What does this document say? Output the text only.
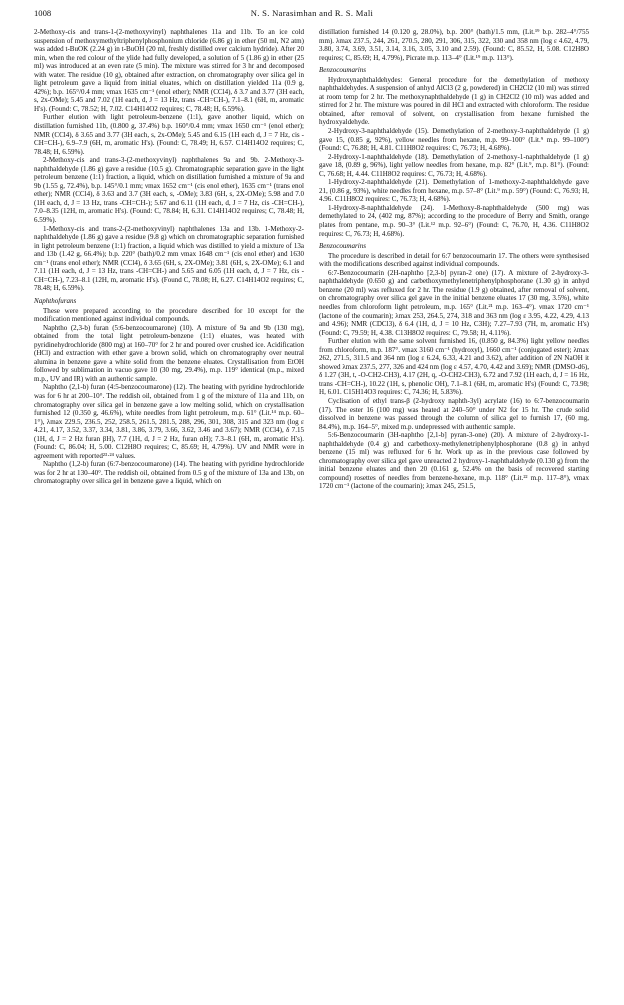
1008	N. S. Narasimhan and R. S. Mali

2-Methoxy-cis and trans-1-(2-methoxyvinyl) naphthalenes 11a and 11b. To an ice cold suspension of methoxymethyltriphenylphosphonium chloride (6.86 g) in ether (50 ml, N2 atm) was added t-BuOK (2.24 g) in t-BuOH (20 ml, freshly distilled over calcium hydride). After 20 min, when the red colour of the ylide had fully developed, a solution of 5 (1.86 g) in ether (25 ml) was introduced at an even rate (5 min). The mixture was stirred for 3 hr and decomposed with water. The residue (10 g), obtained after extraction, on chromatography over silica gel in light petroleum gave a liquid from initial eluates, which on distillation yielded 11a (0.9 g, 42%); b.p. 165°/0.4 mm; νmax 1635 cm⁻¹ (enol ether); NMR (CCl4), δ 3.7 and 3.77 (3H each, s, 2x-OMe); 5.45 and 7.02 (1H each, d, J = 13 Hz, trans -CH=CH-), 7.1–8.1 (6H, m, aromatic H's). (Found: C, 78.52; H, 7.02. C14H14O2 requires; C, 78.48; H, 6.59%).

Further elution with light petroleum-benzene (1:1), gave another liquid, which on distillation furnished 11b, (0.800 g, 37.4%) b.p. 160°/0.4 mm; νmax 1650 cm⁻¹ (enol ether); NMR (CCl4), δ 3.65 and 3.77 (3H each, s, 2x-OMe); 5.45 and 6.15 (1H each d, J = 7 Hz, cis -CH=CH-), 6.9–7.9 (6H, m, aromatic H's). (Found: C, 78.49; H, 6.57. C14H14O2 requires; C, 78.48; H, 6.59%).

2-Methoxy-cis and trans-3-(2-methoxyvinyl) naphthalenes 9a and 9b. 2-Methoxy-3-naphthaldehyde (1.86 g) gave a residue (10.5 g). Chromatographic separation gave in the light petroleum benzene (1:1) fraction, a liquid, which on distillation furnished a mixture of 9a and 9b (1.55 g, 72.4%), b.p. 145°/0.1 mm; νmax 1652 cm⁻¹ (cis enol ether), 1635 cm⁻¹ (trans enol ether); NMR (CCl4), δ 3.63 and 3.7 (3H each, s, -OMe); 3.83 (6H, s, 2X-OMe); 5.98 and 7.0 (1H each, d, J = 13 Hz, trans -CH=CH-); 5.67 and 6.11 (1H each, d, J = 7 Hz, cis -CH=CH-), 7.0–8.35 (12H, m, aromatic H's). (Found: C, 78.84; H, 6.31. C14H14O2 requires; C, 78.48; H, 6.59%).

1-Methoxy-cis and trans-2-(2-methoxyvinyl) naphthalenes 13a and 13b. 1-Methoxy-2-naphthaldehyde (1.86 g) gave a residue (9.8 g) which on chromatographic separation furnished in light petroleum benzene (1:1) fraction, a liquid which was distilled to yield a mixture of 13a and 13b (1.42 g, 66.4%); b.p. 220° (bath)/0.2 mm νmax 1648 cm⁻¹ (cis enol ether) and 1630 cm⁻¹ (trans enol ether); NMR (CCl4), δ 3.65 (6H, s, 2X-OMe); 3.81 (6H, s, 2X-OMe); 6.1 and 7.11 (1H each, d, J = 13 Hz, trans -CH=CH-) and 5.65 and 6.05 (1H each, d, J = 7 Hz, cis -CH=CH-), 7.23–8.1 (12H, m, aromatic H's). (Found C, 78.08; H, 6.27. C14H14O2 requires; C, 78.48; H, 6.59%).

Naphthofurans

These were prepared according to the procedure described for 10 except for the modification mentioned against individual compounds.

Naphtho (2,3-b) furan (5:6-benzocoumarone) (10). A mixture of 9a and 9b (130 mg), obtained from the total light petroleum-benzene (1:1) eluates, was heated with pyridinehydrochloride (800 mg) at 160–70° for 2 hr and poured over crushed ice. Acidification (HCl) and extraction with ether gave a brown solid, which on chromatography over neutral alumina in benzene gave a white solid from the benzene eluates. Crystallisation from EtOH followed by sublimation in vacuo gave 10 (30 mg, 29.4%), m.p. 119° identical (m.p., mixed m.p., UV and IR) with an authentic sample.

Naphtho (2,1-b) furan (4:5-benzocoumarone) (12). The heating with pyridine hydrochloride was for 6 hr at 200–10°. The reddish oil, obtained from 1 g of the mixture of 11a and 11b, on chromatography over silica gel in benzene gave a low melting solid, which on crystallisation furnished 12 (0.350 g, 46.6%), white needles from light petroleum, m.p. 61° (Lit.¹⁴ m.p. 60–1°), λmax 229.5, 236.5, 252, 258.5, 261.5, 281.5, 288, 296, 301, 308, 315 and 323 nm (log ε 4.21, 4.17, 3.52, 3.37, 3.34, 3.81, 3.86, 3.79, 3.66, 3.62, 3.46 and 3.67); NMR (CCl4), δ 7.15 (1H, d, J = 2 Hz furan βH), 7.7 (1H, d, J = 2 Hz, furan αH); 7.3–8.1 (6H, m, aromatic H's). (Found: C, 86.04; H, 5.00. C12H8O requires; C, 85.69; H, 4.79%). UV and NMR were in agreement with reported²³·²⁴ values.

Naphtho (1,2-b) furan (6:7-benzocoumarone) (14). The heating with pyridine hydrochloride was for 2 hr at 130–40°. The reddish oil, obtained from 0.5 g of the mixture of 13a and 13b, on chromatography over silica gel in benzene gave a liquid, which on

distillation furnished 14 (0.120 g, 28.0%), b.p. 200° (bath)/1.5 mm, (Lit.¹⁹ b.p. 282–4°/755 mm). λmax 237.5, 244, 261, 270.5, 280, 291, 306, 315, 322, 330 and 358 nm (log ε 4.62, 4.79, 3.80, 3.74, 3.69, 3.51, 3.14, 3.16, 3.05, 3.10 and 2.59). (Found: C, 85.52, H, 5.08. C12H8O requires; C, 85.69; H, 4.79%), Picrate m.p. 113–4° (Lit.¹⁹ m.p. 113°).

Benzocoumarins

Hydroxynaphthaldehydes: General procedure for the demethylation of methoxy naphthaldehydes. A suspension of anhyd AlCl3 (2 g, powdered) in CH2Cl2 (10 ml) was stirred at room temp for 2 hr. The methoxynaphthaldehyde (1 g) in CH2Cl2 (10 ml) was added and stirred for 2 hr. The mixture was poured in dil HCl and extracted with chloroform. The residue obtained, after removal of solvent, on crystallisation from hexane furnished the hydroxyaldehyde.

2-Hydroxy-3-naphthaldehyde (15). Demethylation of 2-methoxy-3-naphthaldehyde (1 g) gave 15, (0.85 g, 92%), yellow needles from hexane, m.p. 99–100° (Lit.⁹ m.p. 99–100°) (Found: C, 76.88; H, 4.81. C11H8O2 requires: C, 76.73; H, 4.68%).

2-Hydroxy-1-naphthaldehyde (18). Demethylation of 2-methoxy-1-naphthaldehyde (1 g) gave 18, (0.89 g, 96%), light yellow needles from hexane, m.p. 82° (Lit.⁹, m.p. 81°). (Found: C, 76.68; H, 4.44. C11H8O2 requires: C, 76.73; H, 4.68%).

1-Hydroxy-2-naphthaldehyde (21). Demethylation of 1-methoxy-2-naphthaldehyde gave 21, (0.86 g, 93%), white needles from hexane, m.p. 57–8° (Lit.⁹ m.p. 59°) (Found: C, 76.93; H, 4.96. C11H8O2 requires: C, 76.73; H, 4.68%).

1-Hydroxy-8-naphthaldehyde (24). 1-Methoxy-8-naphthaldehyde (500 mg) was demethylated to 24, (402 mg, 87%); according to the procedure of Berry and Smith, orange plates from pentane, m.p. 90–3° (Lit.¹² m.p. 92–6°) (Found: C, 76.70, H, 4.36. C11H8O2 requires: C, 76.73; H, 4.68%).

Benzocoumarins

The procedure is described in detail for 6:7 benzocoumarin 17. The others were synthesised with the modifications described against individual compounds.

6:7-Benzocoumarin (2H-naphtho [2,3-b] pyran-2 one) (17). A mixture of 2-hydroxy-3-naphthaldehyde (0.650 g) and carbethoxymethylenetriphenylphosphorane (1.30 g) in anhyd benzene (20 ml) was refluxed for 2 hr. The residue (1.9 g) obtained, after removal of solvent, on chromatography over silica gel gave in the initial benzene eluates 17 (30 mg, 3.5%), white needles from chloroform light petroleum, m.p. 165° (Lit.²¹ m.p. 163–4°). νmax 1720 cm⁻¹ (lactone of the coumarin); λmax 253, 264.5, 274, 318 and 363 nm (log ε 3.95, 4.22, 4.29, 4.13 and 4.96); NMR (CDCl3), δ 6.4 (1H, d, J = 10 Hz, C3H); 7.27–7.93 (7H, m, aromatic H's) (Found: C, 79.59; H, 4.38. C13H8O2 requires: C, 79.58; H, 4.11%).

Further elution with the same solvent furnished 16, (0.850 g, 84.3%) light yellow needles from chloroform, m.p. 187°. νmax 3160 cm⁻¹ (hydroxyl), 1660 cm⁻¹ (conjugated ester); λmax 262, 271.5, 311.5 and 364 nm (log ε 6.24, 6.33, 4.21 and 3.62), after addition of 2N NaOH it showed λmax 237.5, 277, 326 and 424 nm (log ε 4.57, 4.70, 4.42 and 3.69); NMR (DMSO-d6), δ 1.27 (3H, t, -O-CH2-CH3), 4.17 (2H, q, -O-CH2-CH3), 6.72 and 7.92 (1H each, d, J = 16 Hz, trans -CH=CH-), 10.22 (1H, s, phenolic OH), 7.1–8.1 (6H, m, aromatic H's) (Found: C, 73.98; H, 6.01. C15H14O3 requires: C, 74.36; H, 5.83%).

Cyclisation of ethyl trans-β (2-hydroxy naphth-3yl) acrylate (16) to 6:7-benzocoumarin (17). The ester 16 (100 mg) was heated at 240–50° under N2 for 15 hr. The crude solid dissolved in benzene was passed through the column of silica gel to furnish 17, (60 mg, 84.4%), m.p. 164–5°, mixed m.p. undepressed with authentic sample.

5:6-Benzocoumarin (3H-naphtho [2,1-b] pyran-3-one) (20). A mixture of 2-hydroxy-1-naphthaldehyde (0.4 g) and carbethoxy-methylenetriphenylphosphorane (0.8 g) in anhyd benzene (15 ml) was refluxed for 6 hr. Work up as in the previous case followed by chromatography over silica gel gave unreacted 2 hydroxy-1-naphthaldehyde (0.130 g) from the initial benzene eluates and then 20 (0.161 g, 52.4% on the basis of recovered starting compound) rosettes of needles from benzene-hexane, m.p. 118° (Lit.²² m.p. 117–8°), νmax 1720 cm⁻¹ (lactone of the coumarin); λmax 245, 251.5,
